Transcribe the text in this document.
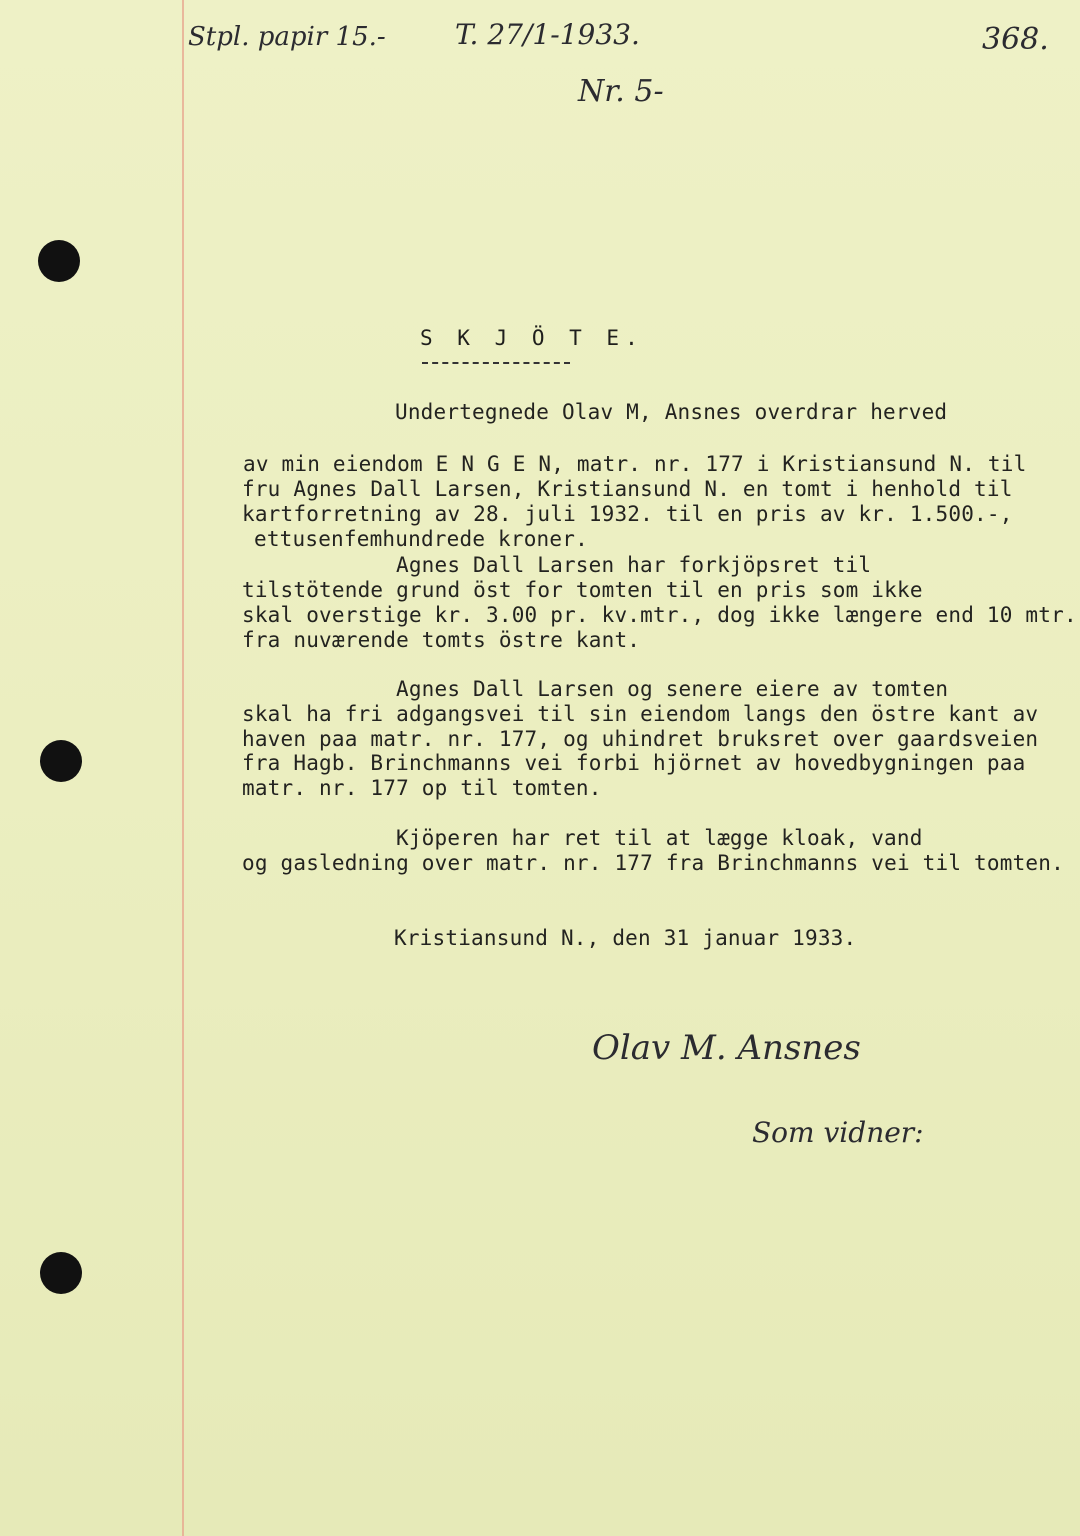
Stpl. papir 15.- T. 27/1-1933.
Nr. 5-
368.
S K J Ö T E.
Undertegnede Olav M, Ansnes overdrar herved
av min eiendom E N G E N, matr. nr. 177 i Kristiansund N. til
fru Agnes Dall Larsen, Kristiansund N. en tomt i henhold til
kartforretning av 28. juli 1932. til en pris av kr. 1.500.-,
ettusenfemhundrede kroner.
Agnes Dall Larsen har forkjöpsret til
tilstötende grund öst for tomten til en pris som ikke
skal overstige kr. 3.00 pr. kv.mtr., dog ikke længere end 10 mtr.
fra nuværende tomts östre kant.
Agnes Dall Larsen og senere eiere av tomten
skal ha fri adgangsvei til sin eiendom langs den östre kant av
haven paa matr. nr. 177, og uhindret bruksret over gaardsveien
fra Hagb. Brinchmanns vei forbi hjörnet av hovedbygningen paa
matr. nr. 177 op til tomten.
Kjöperen har ret til at lægge kloak, vand
og gasledning over matr. nr. 177 fra Brinchmanns vei til tomten.
Kristiansund N., den 31 januar 1933.
Olav M. Ansnes
Som vidner:
